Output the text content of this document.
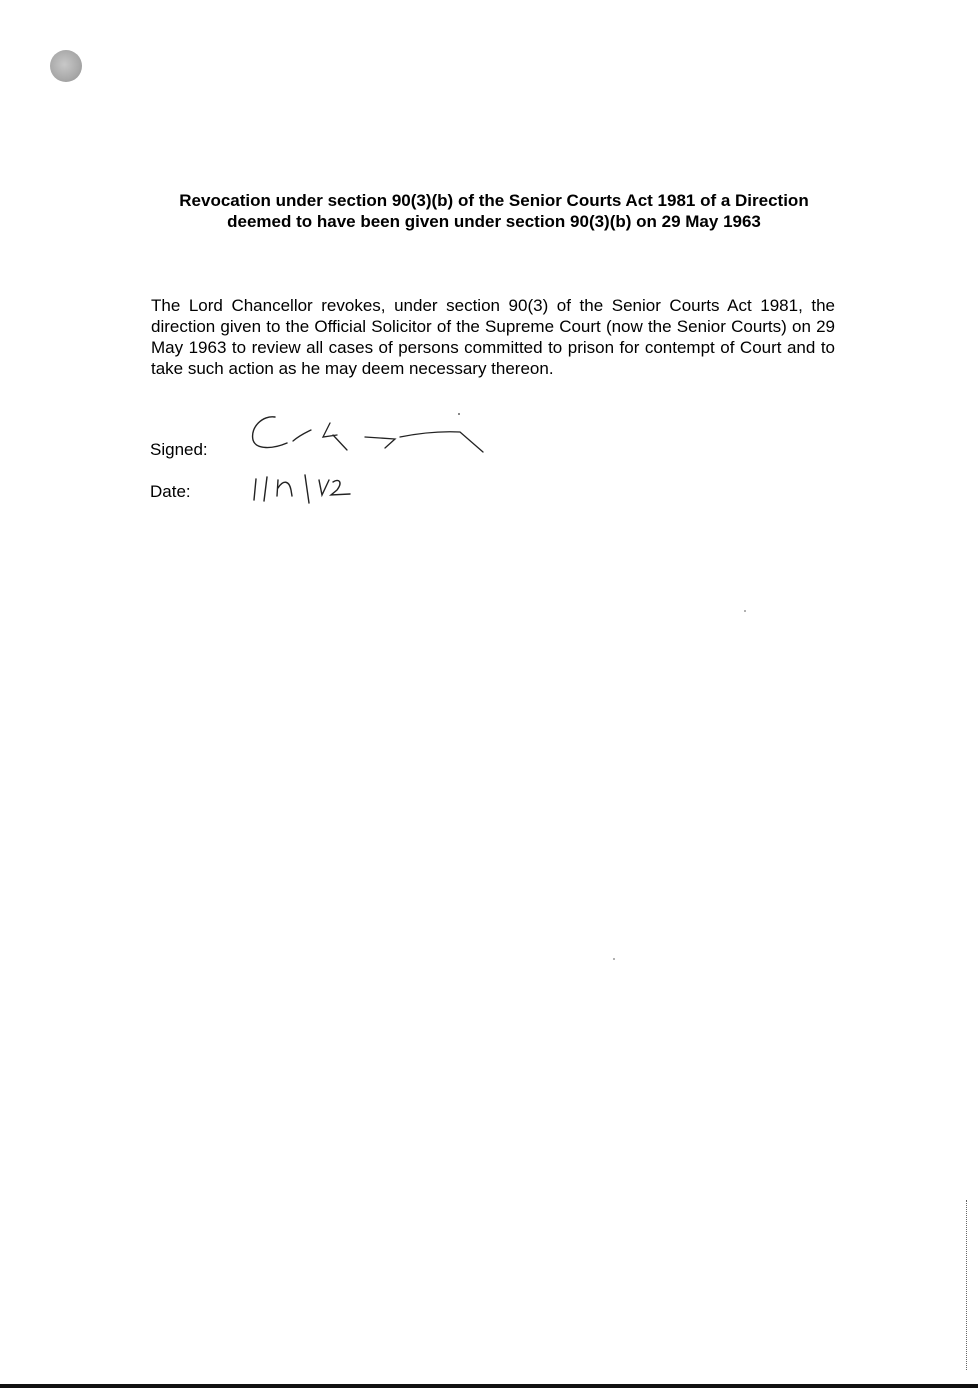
Revocation under section 90(3)(b) of the Senior Courts Act 1981 of a Direction
deemed to have been given under section 90(3)(b) on 29 May 1963

The Lord Chancellor revokes, under section 90(3) of the Senior Courts Act 1981, the direction given to the Official Solicitor of the Supreme Court (now the Senior Courts) on 29 May 1963 to review all cases of persons committed to prison for contempt of Court and to take such action as he may deem necessary thereon.

Signed:
Date:
